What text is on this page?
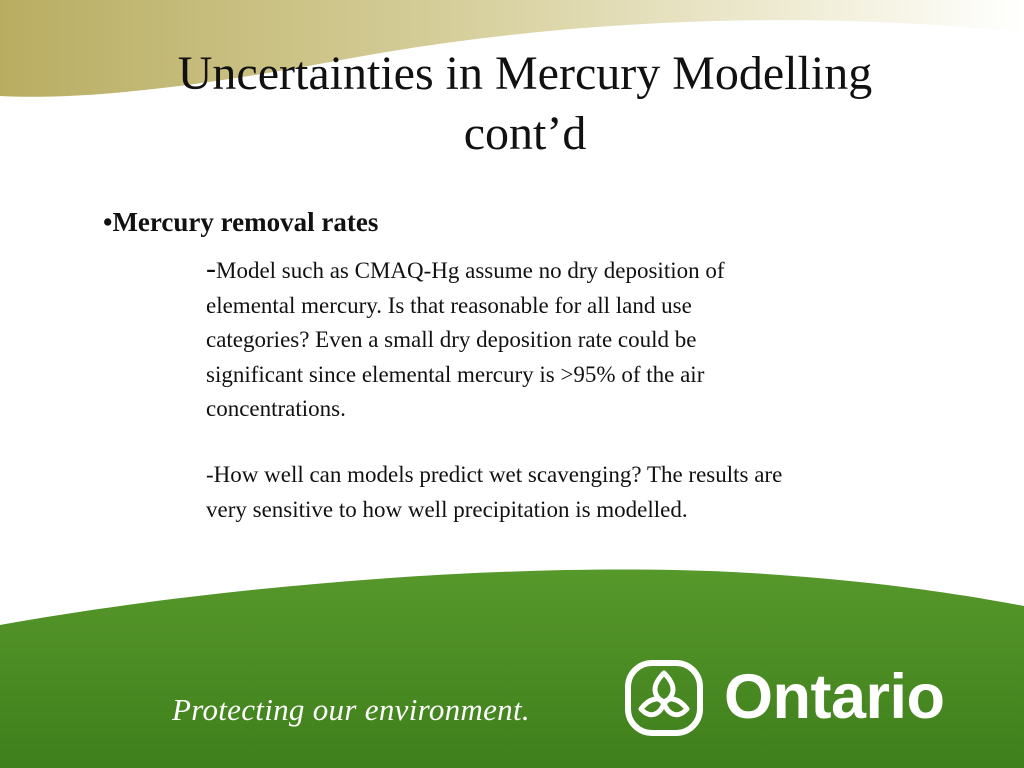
Uncertainties in Mercury Modelling
cont’d
•Mercury removal rates
-Model such as CMAQ-Hg assume no dry deposition of
elemental mercury. Is that reasonable for all land use
categories? Even a small dry deposition rate could be
significant since elemental mercury is >95% of the air
concentrations.
-How well can models predict wet scavenging? The results are
very sensitive to how well precipitation is modelled.
Protecting our environment.	Ontario
